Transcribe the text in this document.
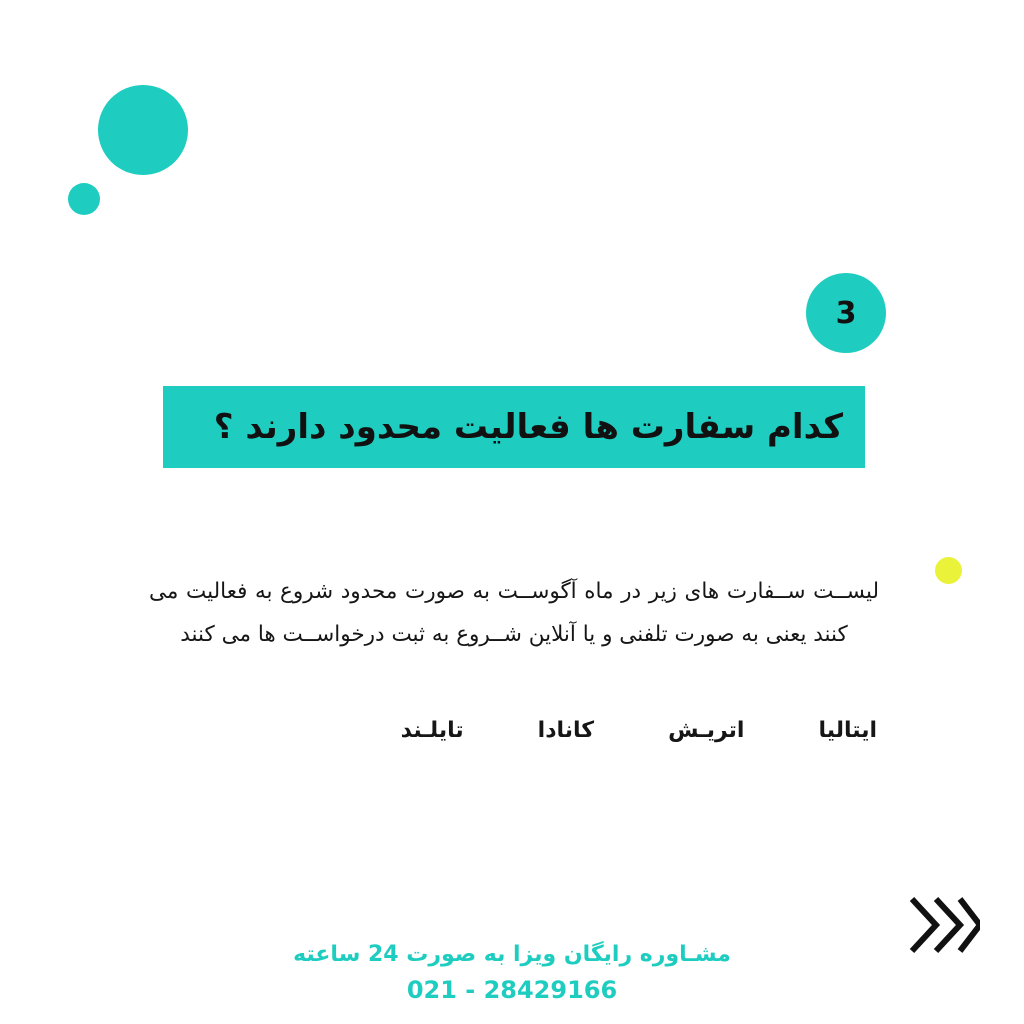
3
کدام سفارت ها فعالیت محدود دارند ؟

لیســت ســفارت های زیر در ماه آگوســت به صورت محدود شروع به فعالیت می کنند یعنی به صورت تلفنی و یا آنلاین شــروع به ثبت درخواســت ها می کنند

ایتالیا
اتریـش
کانادا
تایلـند
مشـاوره رایگان ویزا به صورت 24 ساعته
021 - 28429166
